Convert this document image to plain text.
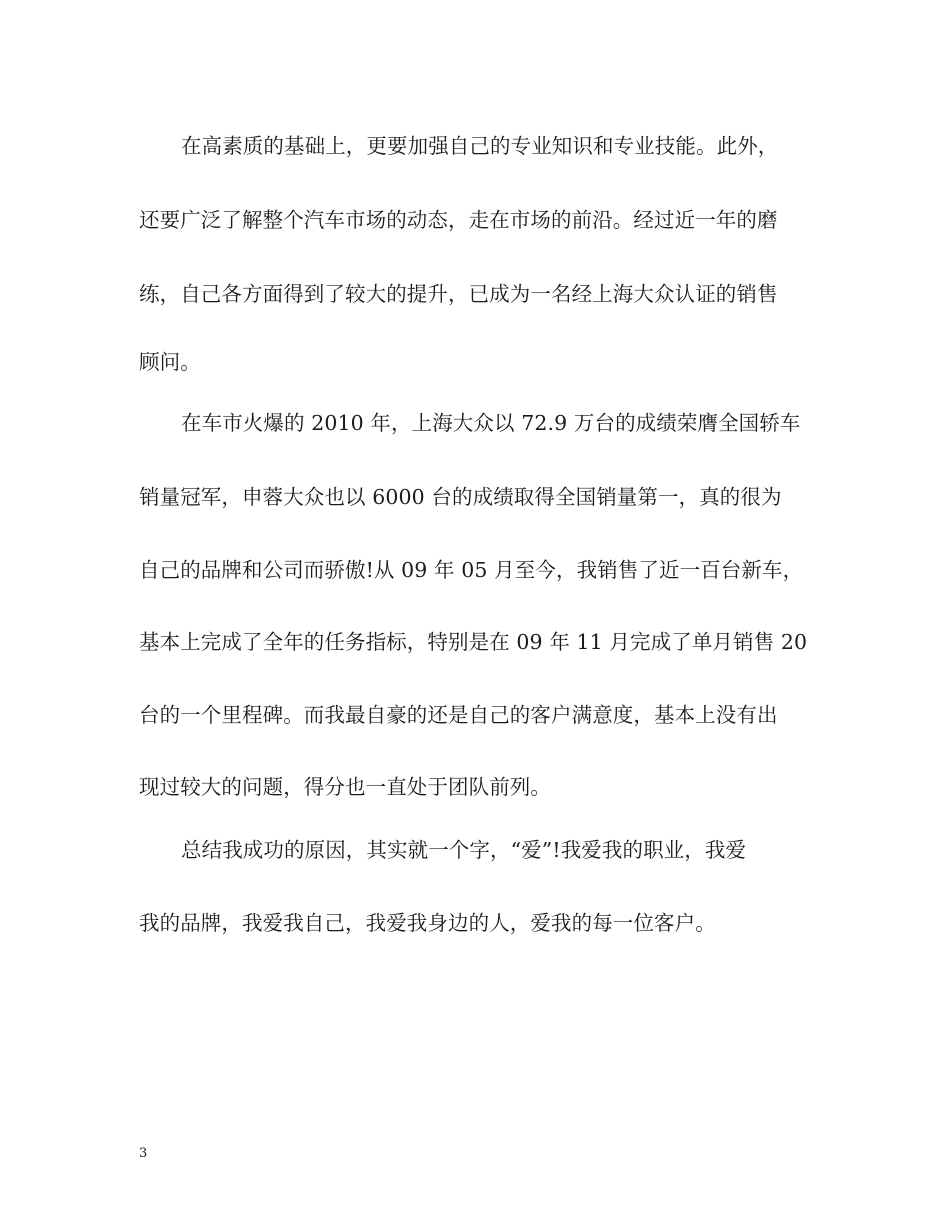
在高素质的基础上，更要加强自己的专业知识和专业技能。此外，
还要广泛了解整个汽车市场的动态，走在市场的前沿。经过近一年的磨
练，自己各方面得到了较大的提升，已成为一名经上海大众认证的销售
顾问。
在车市火爆的 2010 年，上海大众以 72.9 万台的成绩荣膺全国轿车
销量冠军，申蓉大众也以 6000 台的成绩取得全国销量第一，真的很为
自己的品牌和公司而骄傲!从 09 年 05 月至今，我销售了近一百台新车，
基本上完成了全年的任务指标，特别是在 09 年 11 月完成了单月销售 20
台的一个里程碑。而我最自豪的还是自己的客户满意度，基本上没有出
现过较大的问题，得分也一直处于团队前列。
总结我成功的原因，其实就一个字，“爱”!我爱我的职业，我爱
我的品牌，我爱我自己，我爱我身边的人，爱我的每一位客户。
3
